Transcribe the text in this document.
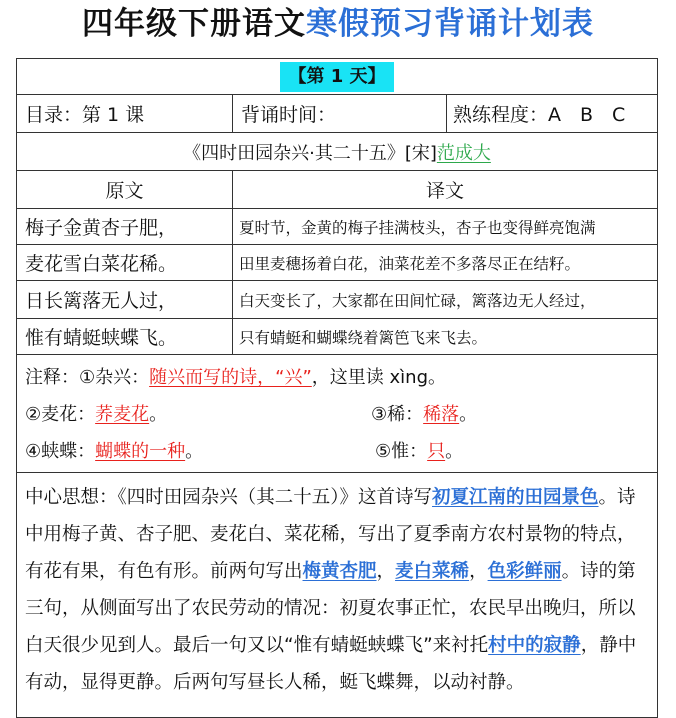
四年级下册语文寒假预习背诵计划表
【第 1 天】
目录：第 1 课	背诵时间：	熟练程度：A　B　C
《四时田园杂兴·其二十五》[宋] 范成大
原文	译文
梅子金黄杏子肥，	夏时节，金黄的梅子挂满枝头，杏子也变得鲜亮饱满
麦花雪白菜花稀。	田里麦穗扬着白花，油菜花差不多落尽正在结籽。
日长篱落无人过，	白天变长了，大家都在田间忙碌，篱落边无人经过，
惟有蜻蜓蛱蝶飞。	只有蜻蜓和蝴蝶绕着篱笆飞来飞去。
注释：①杂兴：随兴而写的诗，“兴”，这里读 xìng。
②麦花：荞麦花。	③稀：稀落。
④蛱蝶：蝴蝶的一种。	⑤惟：只。
中心思想：《四时田园杂兴（其二十五）》这首诗写初夏江南的田园景色。诗中用梅子黄、杏子肥、麦花白、菜花稀，写出了夏季南方农村景物的特点，有花有果，有色有形。前两句写出梅黄杏肥，麦白菜稀，色彩鲜丽。诗的第三句，从侧面写出了农民劳动的情况：初夏农事正忙，农民早出晚归，所以白天很少见到人。最后一句又以“惟有蜻蜓蛱蝶飞”来衬托村中的寂静，静中有动，显得更静。后两句写昼长人稀，蜓飞蝶舞，以动衬静。
